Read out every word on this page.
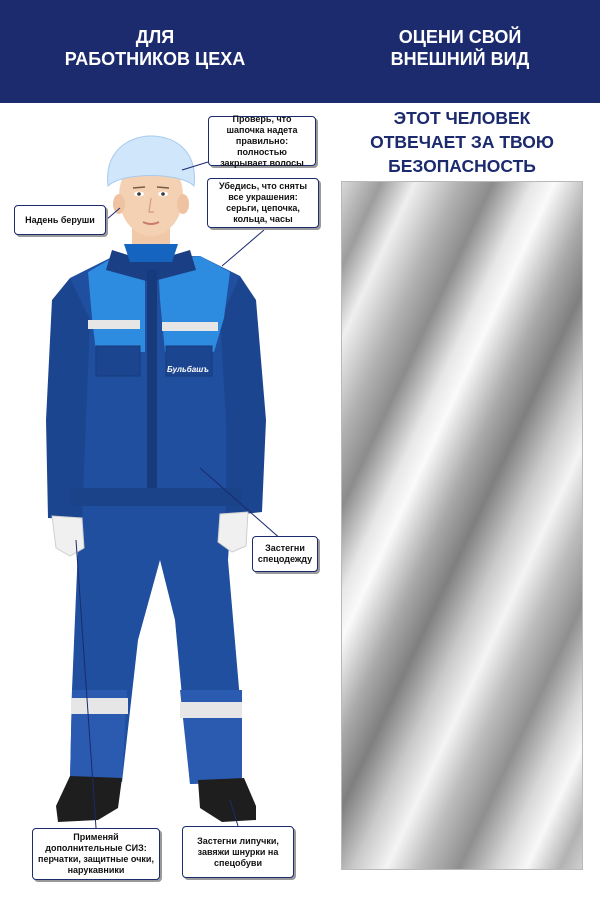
ДЛЯ
РАБОТНИКОВ ЦЕХА
ОЦЕНИ СВОЙ
ВНЕШНИЙ ВИД
ЭТОТ ЧЕЛОВЕК
ОТВЕЧАЕТ ЗА ТВОЮ
БЕЗОПАСНОСТЬ
Бульбашъ
Проверь, что шапочка надета правильно: полностью закрывает волосы
Убедись, что сняты все украшения: серьги, цепочка, кольца, часы
Надень беруши
Застегни спецодежду
Применяй дополнительные СИЗ: перчатки, защитные очки, нарукавники
Застегни липучки, завяжи шнурки на спецобуви
